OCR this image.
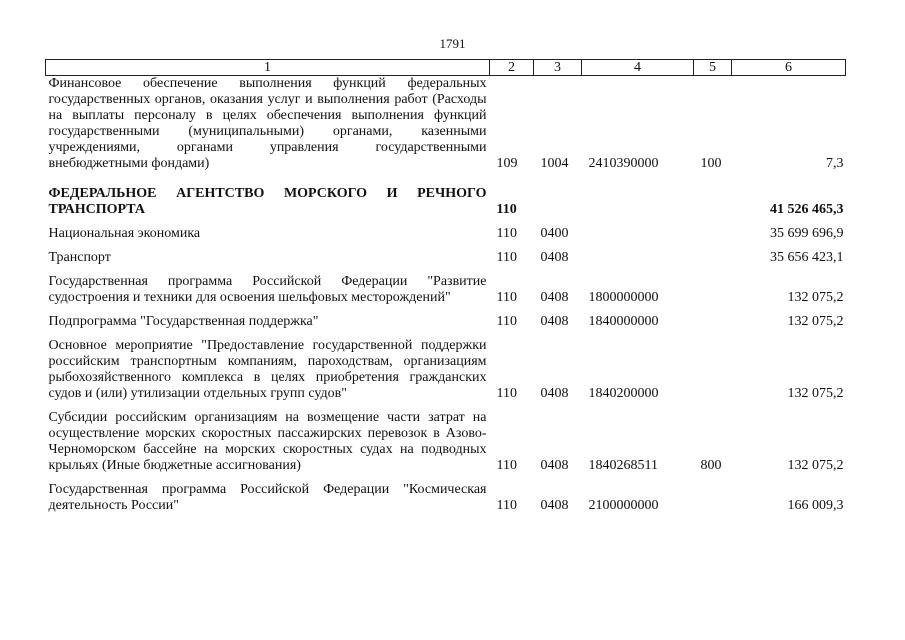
1791
1	2	3	4	5	6
Финансовое обеспечение выполнения функций федеральных государственных органов, оказания услуг и выполнения работ (Расходы на выплаты персоналу в целях обеспечения выполнения функций государственными (муниципальными) органами, казенными учреждениями, органами управления государственными внебюджетными фондами)	109	1004	2410390000	100	7,3
ФЕДЕРАЛЬНОЕ АГЕНТСТВО МОРСКОГО И РЕЧНОГО ТРАНСПОРТА	110				41 526 465,3
Национальная экономика	110	0400			35 699 696,9
Транспорт	110	0408			35 656 423,1
Государственная программа Российской Федерации "Развитие судостроения и техники для освоения шельфовых месторождений"	110	0408	1800000000		132 075,2
Подпрограмма "Государственная поддержка"	110	0408	1840000000		132 075,2
Основное мероприятие "Предоставление государственной поддержки российским транспортным компаниям, пароходствам, организациям рыбохозяйственного комплекса в целях приобретения гражданских судов и (или) утилизации отдельных групп судов"	110	0408	1840200000		132 075,2
Субсидии российским организациям на возмещение части затрат на осуществление морских скоростных пассажирских перевозок в Азово-Черноморском бассейне на морских скоростных судах на подводных крыльях (Иные бюджетные ассигнования)	110	0408	1840268511	800	132 075,2
Государственная программа Российской Федерации "Космическая деятельность России"	110	0408	2100000000		166 009,3
